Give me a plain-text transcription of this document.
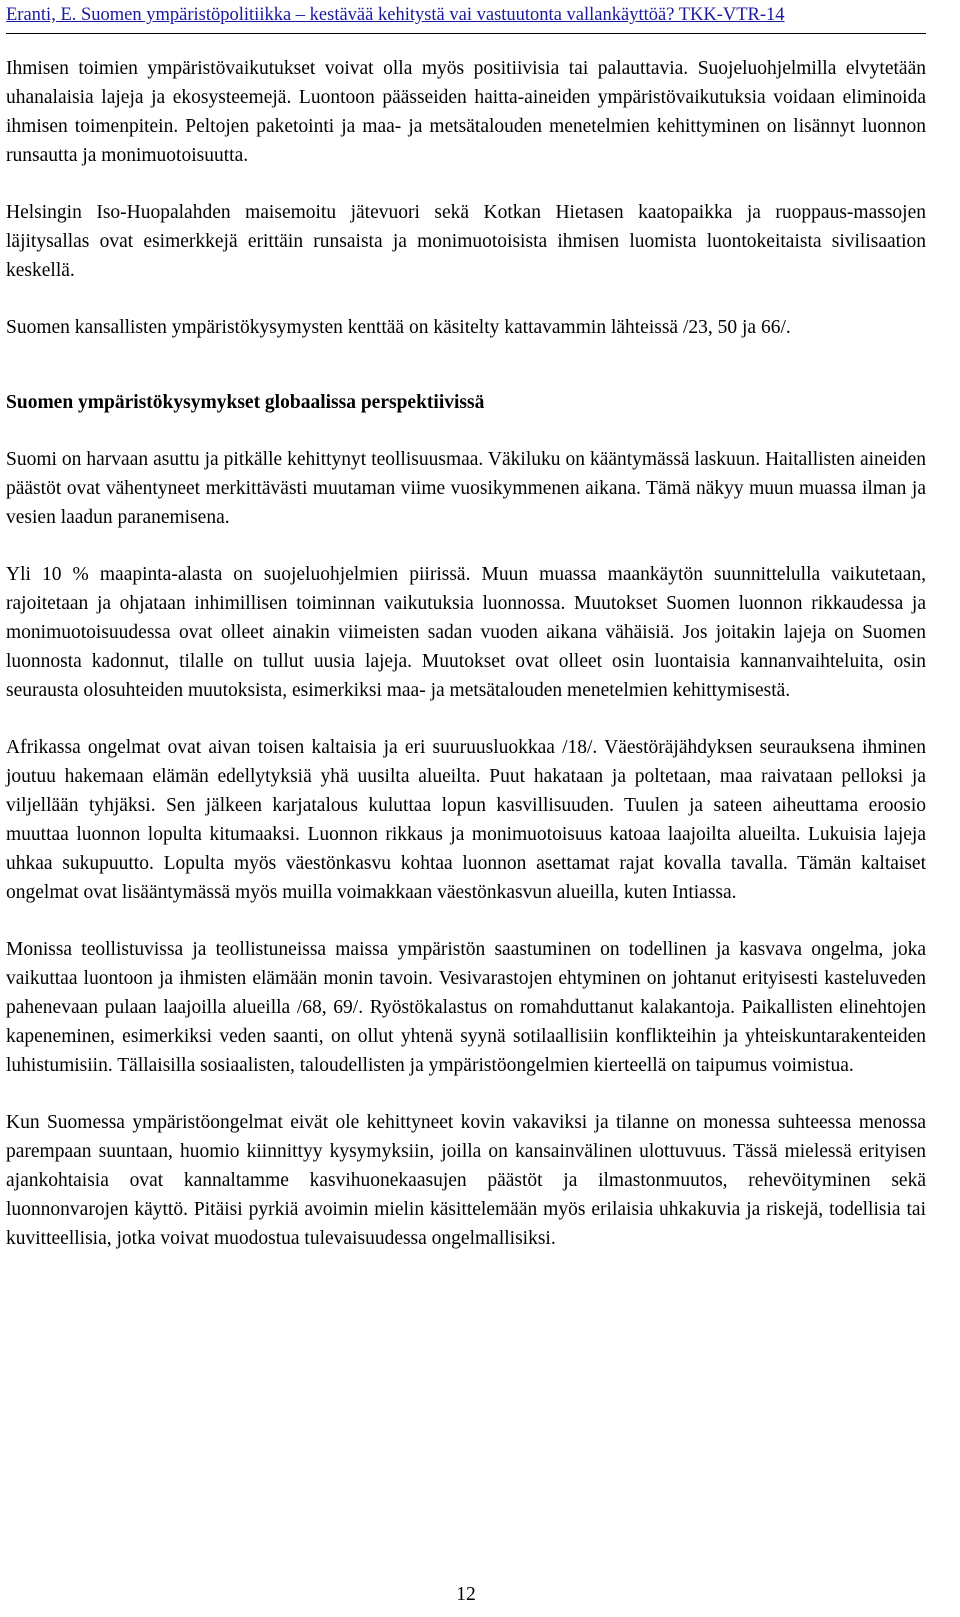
Eranti, E. Suomen ympäristöpolitiikka – kestävää kehitystä vai vastuutonta vallankäyttöä? TKK-VTR-14

Ihmisen toimien ympäristövaikutukset voivat olla myös positiivisia tai palauttavia. Suojeluohjelmilla elvytetään uhanalaisia lajeja ja ekosysteemejä. Luontoon päässeiden haitta-aineiden ympäristövaikutuksia voidaan eliminoida ihmisen toimenpitein. Peltojen paketointi ja maa- ja metsätalouden menetelmien kehittyminen on lisännyt luonnon runsautta ja monimuotoisuutta.

Helsingin Iso-Huopalahden maisemoitu jätevuori sekä Kotkan Hietasen kaatopaikka ja ruoppaus-massojen läjitysallas ovat esimerkkejä erittäin runsaista ja monimuotoisista ihmisen luomista luontokeitaista sivilisaation keskellä.

Suomen kansallisten ympäristökysymysten kenttää on käsitelty kattavammin lähteissä /23, 50 ja 66/.

Suomen ympäristökysymykset globaalissa perspektiivissä

Suomi on harvaan asuttu ja pitkälle kehittynyt teollisuusmaa. Väkiluku on kääntymässä laskuun. Haitallisten aineiden päästöt ovat vähentyneet merkittävästi muutaman viime vuosikymmenen aikana. Tämä näkyy muun muassa ilman ja vesien laadun paranemisena.

Yli 10 % maapinta-alasta on suojeluohjelmien piirissä. Muun muassa maankäytön suunnittelulla vaikutetaan, rajoitetaan ja ohjataan inhimillisen toiminnan vaikutuksia luonnossa. Muutokset Suomen luonnon rikkaudessa ja monimuotoisuudessa ovat olleet ainakin viimeisten sadan vuoden aikana vähäisiä. Jos joitakin lajeja on Suomen luonnosta kadonnut, tilalle on tullut uusia lajeja. Muutokset ovat olleet osin luontaisia kannanvaihteluita, osin seurausta olosuhteiden muutoksista, esimerkiksi maa- ja metsätalouden menetelmien kehittymisestä.

Afrikassa ongelmat ovat aivan toisen kaltaisia ja eri suuruusluokkaa /18/. Väestöräjähdyksen seurauksena ihminen joutuu hakemaan elämän edellytyksiä yhä uusilta alueilta. Puut hakataan ja poltetaan, maa raivataan pelloksi ja viljellään tyhjäksi. Sen jälkeen karjatalous kuluttaa lopun kasvillisuuden. Tuulen ja sateen aiheuttama eroosio muuttaa luonnon lopulta kitumaaksi. Luonnon rikkaus ja monimuotoisuus katoaa laajoilta alueilta. Lukuisia lajeja uhkaa sukupuutto. Lopulta myös väestönkasvu kohtaa luonnon asettamat rajat kovalla tavalla. Tämän kaltaiset ongelmat ovat lisääntymässä myös muilla voimakkaan väestönkasvun alueilla, kuten Intiassa.

Monissa teollistuvissa ja teollistuneissa maissa ympäristön saastuminen on todellinen ja kasvava ongelma, joka vaikuttaa luontoon ja ihmisten elämään monin tavoin. Vesivarastojen ehtyminen on johtanut erityisesti kasteluveden pahenevaan pulaan laajoilla alueilla /68, 69/. Ryöstökalastus on romahduttanut kalakantoja. Paikallisten elinehtojen kapeneminen, esimerkiksi veden saanti, on ollut yhtenä syynä sotilaallisiin konflikteihin ja yhteiskuntarakenteiden luhistumisiin. Tällaisilla sosiaalisten, taloudellisten ja ympäristöongelmien kierteellä on taipumus voimistua.

Kun Suomessa ympäristöongelmat eivät ole kehittyneet kovin vakaviksi ja tilanne on monessa suhteessa menossa parempaan suuntaan, huomio kiinnittyy kysymyksiin, joilla on kansainvälinen ulottuvuus. Tässä mielessä erityisen ajankohtaisia ovat kannaltamme kasvihuonekaasujen päästöt ja ilmastonmuutos, rehevöityminen sekä luonnonvarojen käyttö. Pitäisi pyrkiä avoimin mielin käsittelemään myös erilaisia uhkakuvia ja riskejä, todellisia tai kuvitteellisia, jotka voivat muodostua tulevaisuudessa ongelmallisiksi.

12
